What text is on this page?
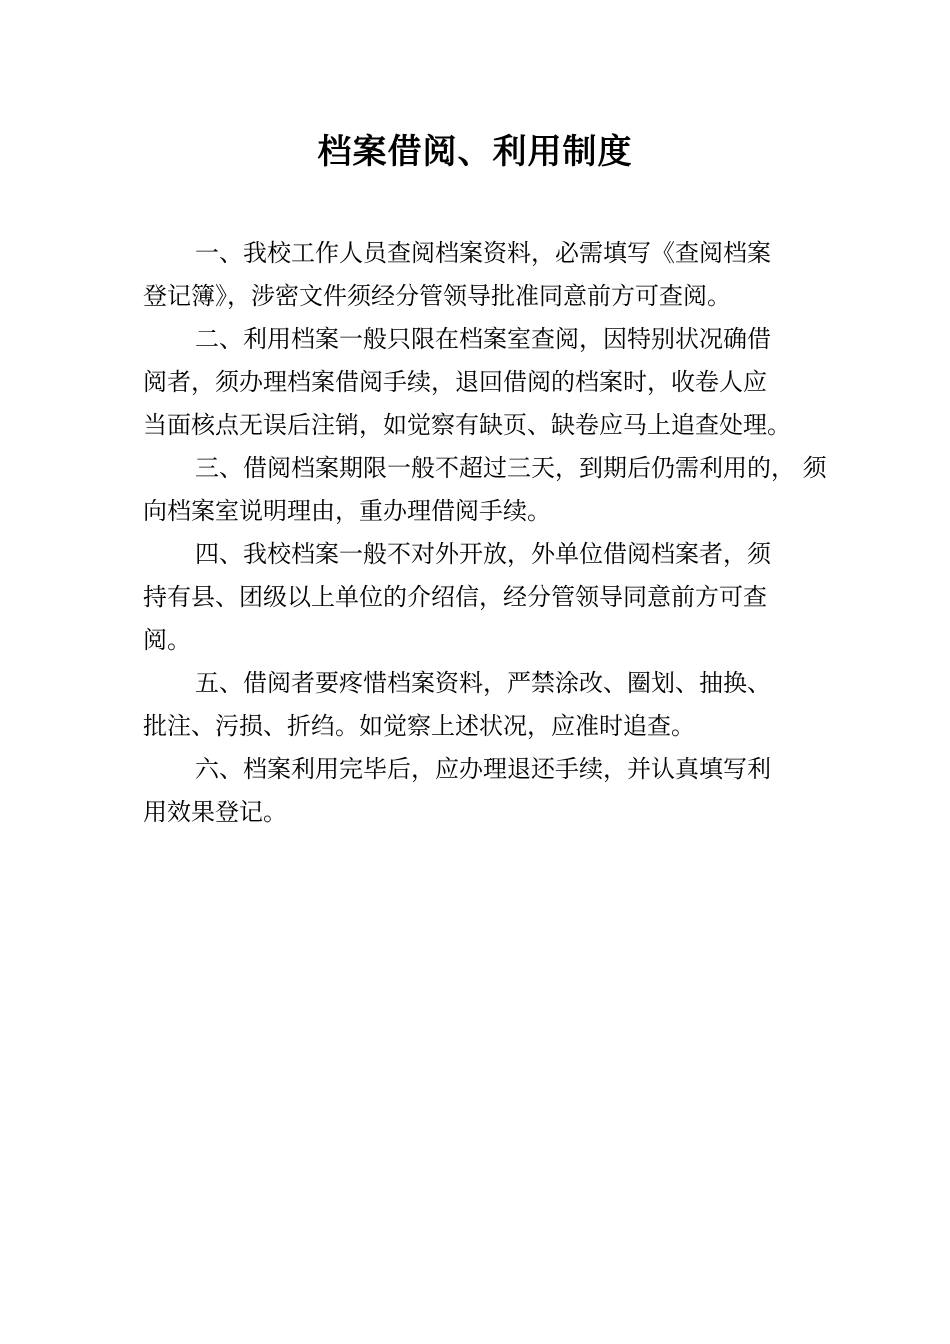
档案借阅、利用制度

一、我校工作人员查阅档案资料，必需填写《查阅档案
登记簿》，涉密文件须经分管领导批准同意前方可查阅。

二、利用档案一般只限在档案室查阅，因特别状况确借
阅者，须办理档案借阅手续，退回借阅的档案时，收卷人应
当面核点无误后注销，如觉察有缺页、缺卷应马上追查处理。

三、借阅档案期限一般不超过三天，到期后仍需利用的， 须
向档案室说明理由，重办理借阅手续。

四、我校档案一般不对外开放，外单位借阅档案者，须
持有县、团级以上单位的介绍信，经分管领导同意前方可查
阅。

五、借阅者要疼惜档案资料，严禁涂改、圈划、抽换、
批注、污损、折绉。如觉察上述状况，应准时追查。

六、档案利用完毕后，应办理退还手续，并认真填写利
用效果登记。
